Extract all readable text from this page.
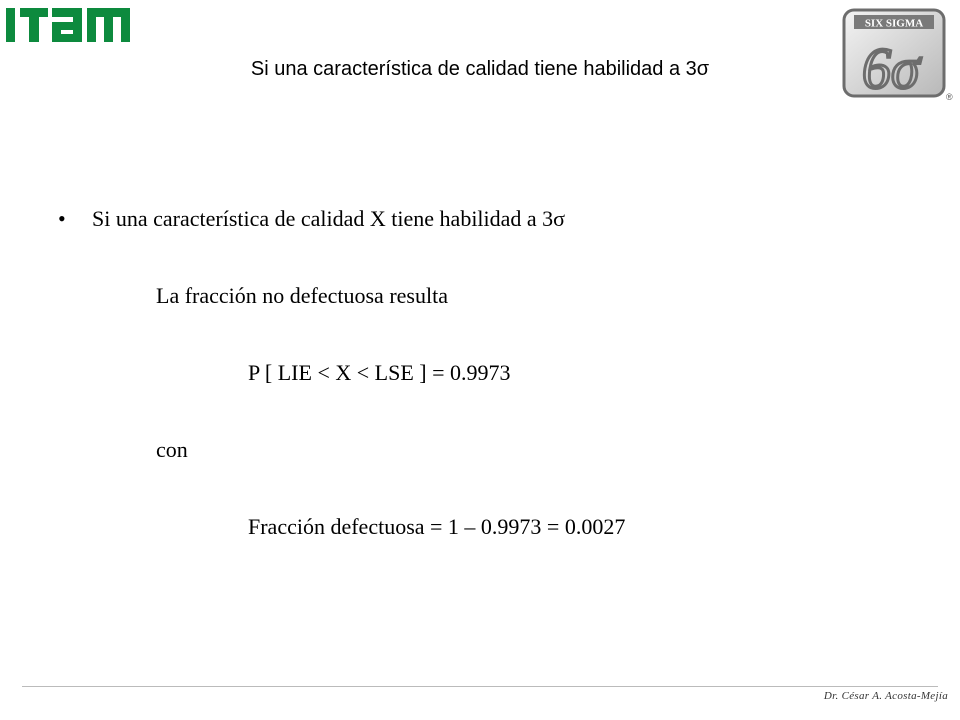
Si una característica de calidad tiene habilidad a 3σ
SIX SIGMA
6σ	®
• Si una característica de calidad X tiene habilidad a 3σ
La fracción no defectuosa resulta
P [ LIE < X < LSE ] = 0.9973
con
Fracción defectuosa = 1 – 0.9973 = 0.0027
Dr. César A. Acosta-Mejía
